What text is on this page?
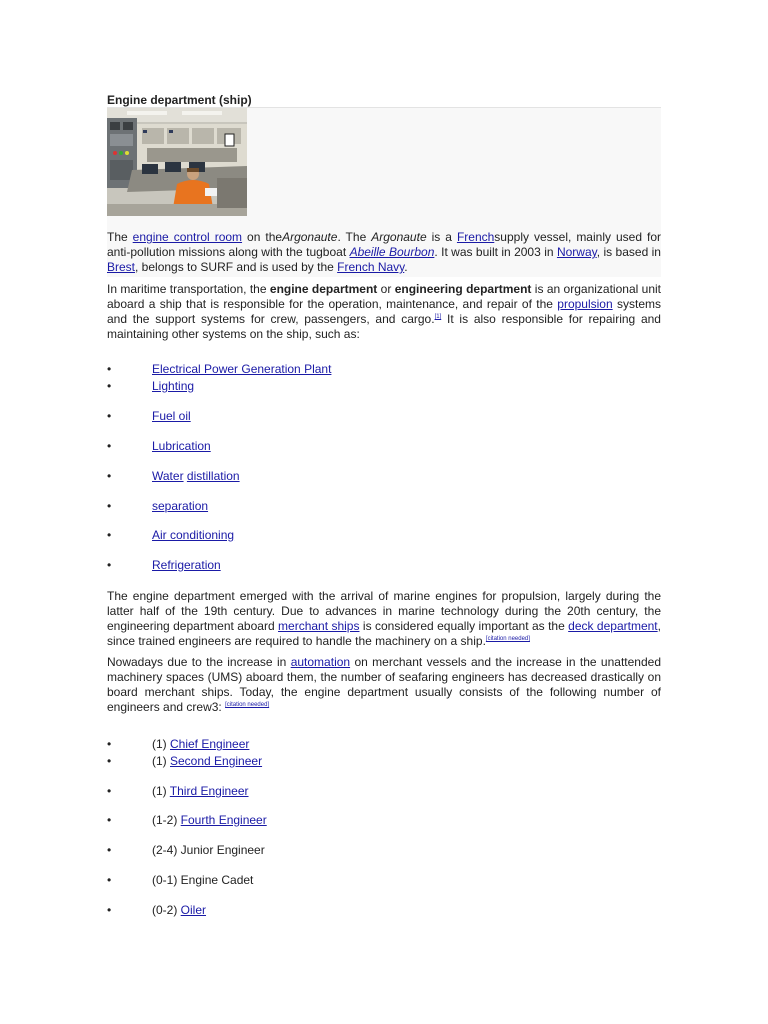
Engine department (ship)

The engine control room on theArgonaute. The Argonaute is a Frenchsupply vessel, mainly used for anti-pollution missions along with the tugboat Abeille Bourbon. It was built in 2003 in Norway, is based in Brest, belongs to SURF and is used by the French Navy.

In maritime transportation, the engine department or engineering department is an organizational unit aboard a ship that is responsible for the operation, maintenance, and repair of the propulsion systems and the support systems for crew, passengers, and cargo.[1] It is also responsible for repairing and maintaining other systems on the ship, such as:

•	Electrical Power Generation Plant
•	Lighting
•	Fuel oil
•	Lubrication
•	Water distillation
•	separation
•	Air conditioning
•	Refrigeration

The engine department emerged with the arrival of marine engines for propulsion, largely during the latter half of the 19th century. Due to advances in marine technology during the 20th century, the engineering department aboard merchant ships is considered equally important as the deck department, since trained engineers are required to handle the machinery on a ship.[citation needed]

Nowadays due to the increase in automation on merchant vessels and the increase in the unattended machinery spaces (UMS) aboard them, the number of seafaring engineers has decreased drastically on board merchant ships. Today, the engine department usually consists of the following number of engineers and crew3: [citation needed]

•	(1) Chief Engineer
•	(1) Second Engineer
•	(1) Third Engineer
•	(1-2) Fourth Engineer
•	(2-4) Junior Engineer
•	(0-1) Engine Cadet
•	(0-2) Oiler
